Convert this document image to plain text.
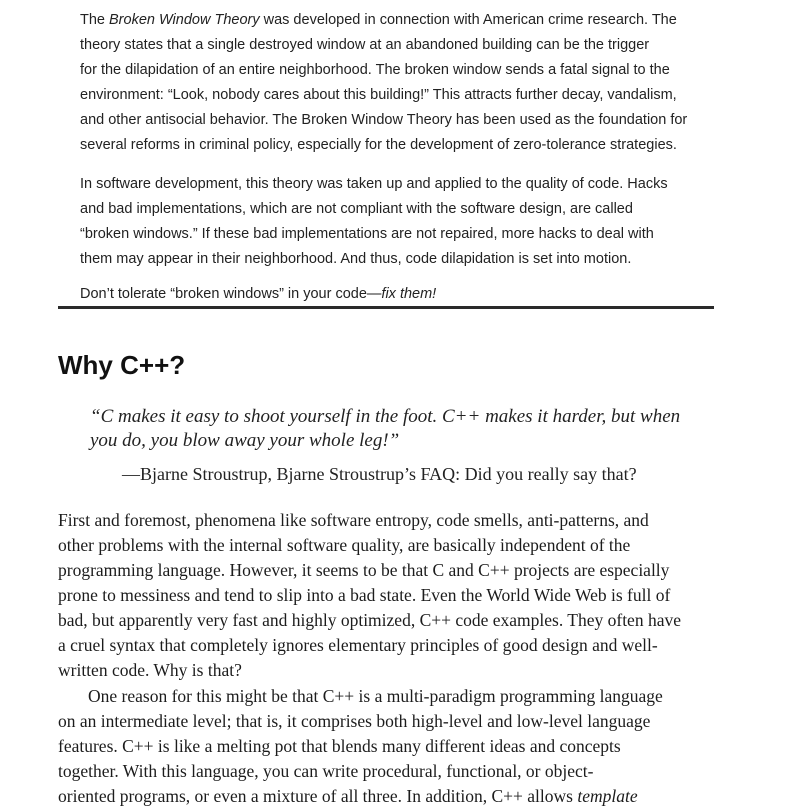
The Broken Window Theory was developed in connection with American crime research. The
theory states that a single destroyed window at an abandoned building can be the trigger
for the dilapidation of an entire neighborhood. The broken window sends a fatal signal to the
environment: “Look, nobody cares about this building!” This attracts further decay, vandalism,
and other antisocial behavior. The Broken Window Theory has been used as the foundation for
several reforms in criminal policy, especially for the development of zero-tolerance strategies.

In software development, this theory was taken up and applied to the quality of code. Hacks
and bad implementations, which are not compliant with the software design, are called
“broken windows.” If these bad implementations are not repaired, more hacks to deal with
them may appear in their neighborhood. And thus, code dilapidation is set into motion.

Don’t tolerate “broken windows” in your code—fix them!

Why C++?

“C makes it easy to shoot yourself in the foot. C++ makes it harder, but when
you do, you blow away your whole leg!”

—Bjarne Stroustrup, Bjarne Stroustrup’s FAQ: Did you really say that?

First and foremost, phenomena like software entropy, code smells, anti-patterns, and
other problems with the internal software quality, are basically independent of the
programming language. However, it seems to be that C and C++ projects are especially
prone to messiness and tend to slip into a bad state. Even the World Wide Web is full of
bad, but apparently very fast and highly optimized, C++ code examples. They often have
a cruel syntax that completely ignores elementary principles of good design and well-
written code. Why is that?

One reason for this might be that C++ is a multi-paradigm programming language
on an intermediate level; that is, it comprises both high-level and low-level language
features. C++ is like a melting pot that blends many different ideas and concepts
together. With this language, you can write procedural, functional, or object-
oriented programs, or even a mixture of all three. In addition, C++ allows template
